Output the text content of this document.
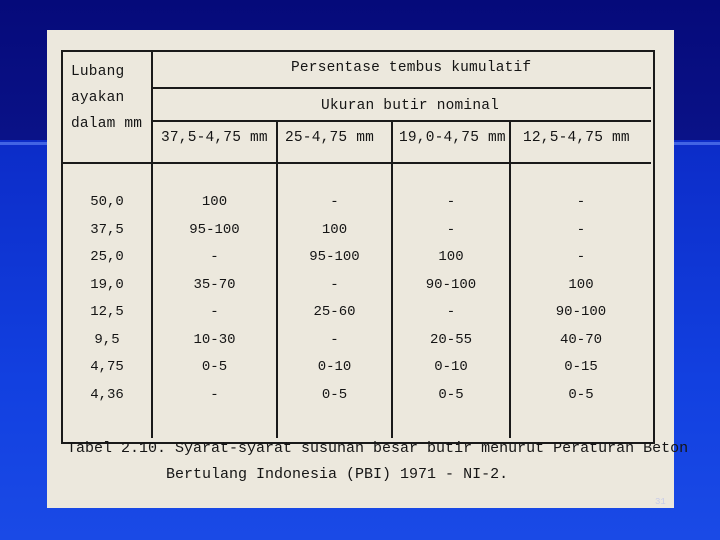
Lubang
ayakan
dalam mm
Persentase tembus kumulatif
Ukuran butir nominal
37,5-4,75 mm 25-4,75 mm 19,0-4,75 mm 12,5-4,75 mm
50,0	100	-	-	-
37,5	95-100	100	-	-
25,0	-	95-100	100	-
19,0	35-70	-	90-100	100
12,5	-	25-60	-	90-100
9,5	10-30	-	20-55	40-70
4,75	0-5	0-10	0-10	0-15
4,36	-	0-5	0-5	0-5
Tabel 2.10. Syarat-syarat susunan besar butir menurut Peraturan Beton
Bertulang Indonesia (PBI) 1971 - NI-2.
31
